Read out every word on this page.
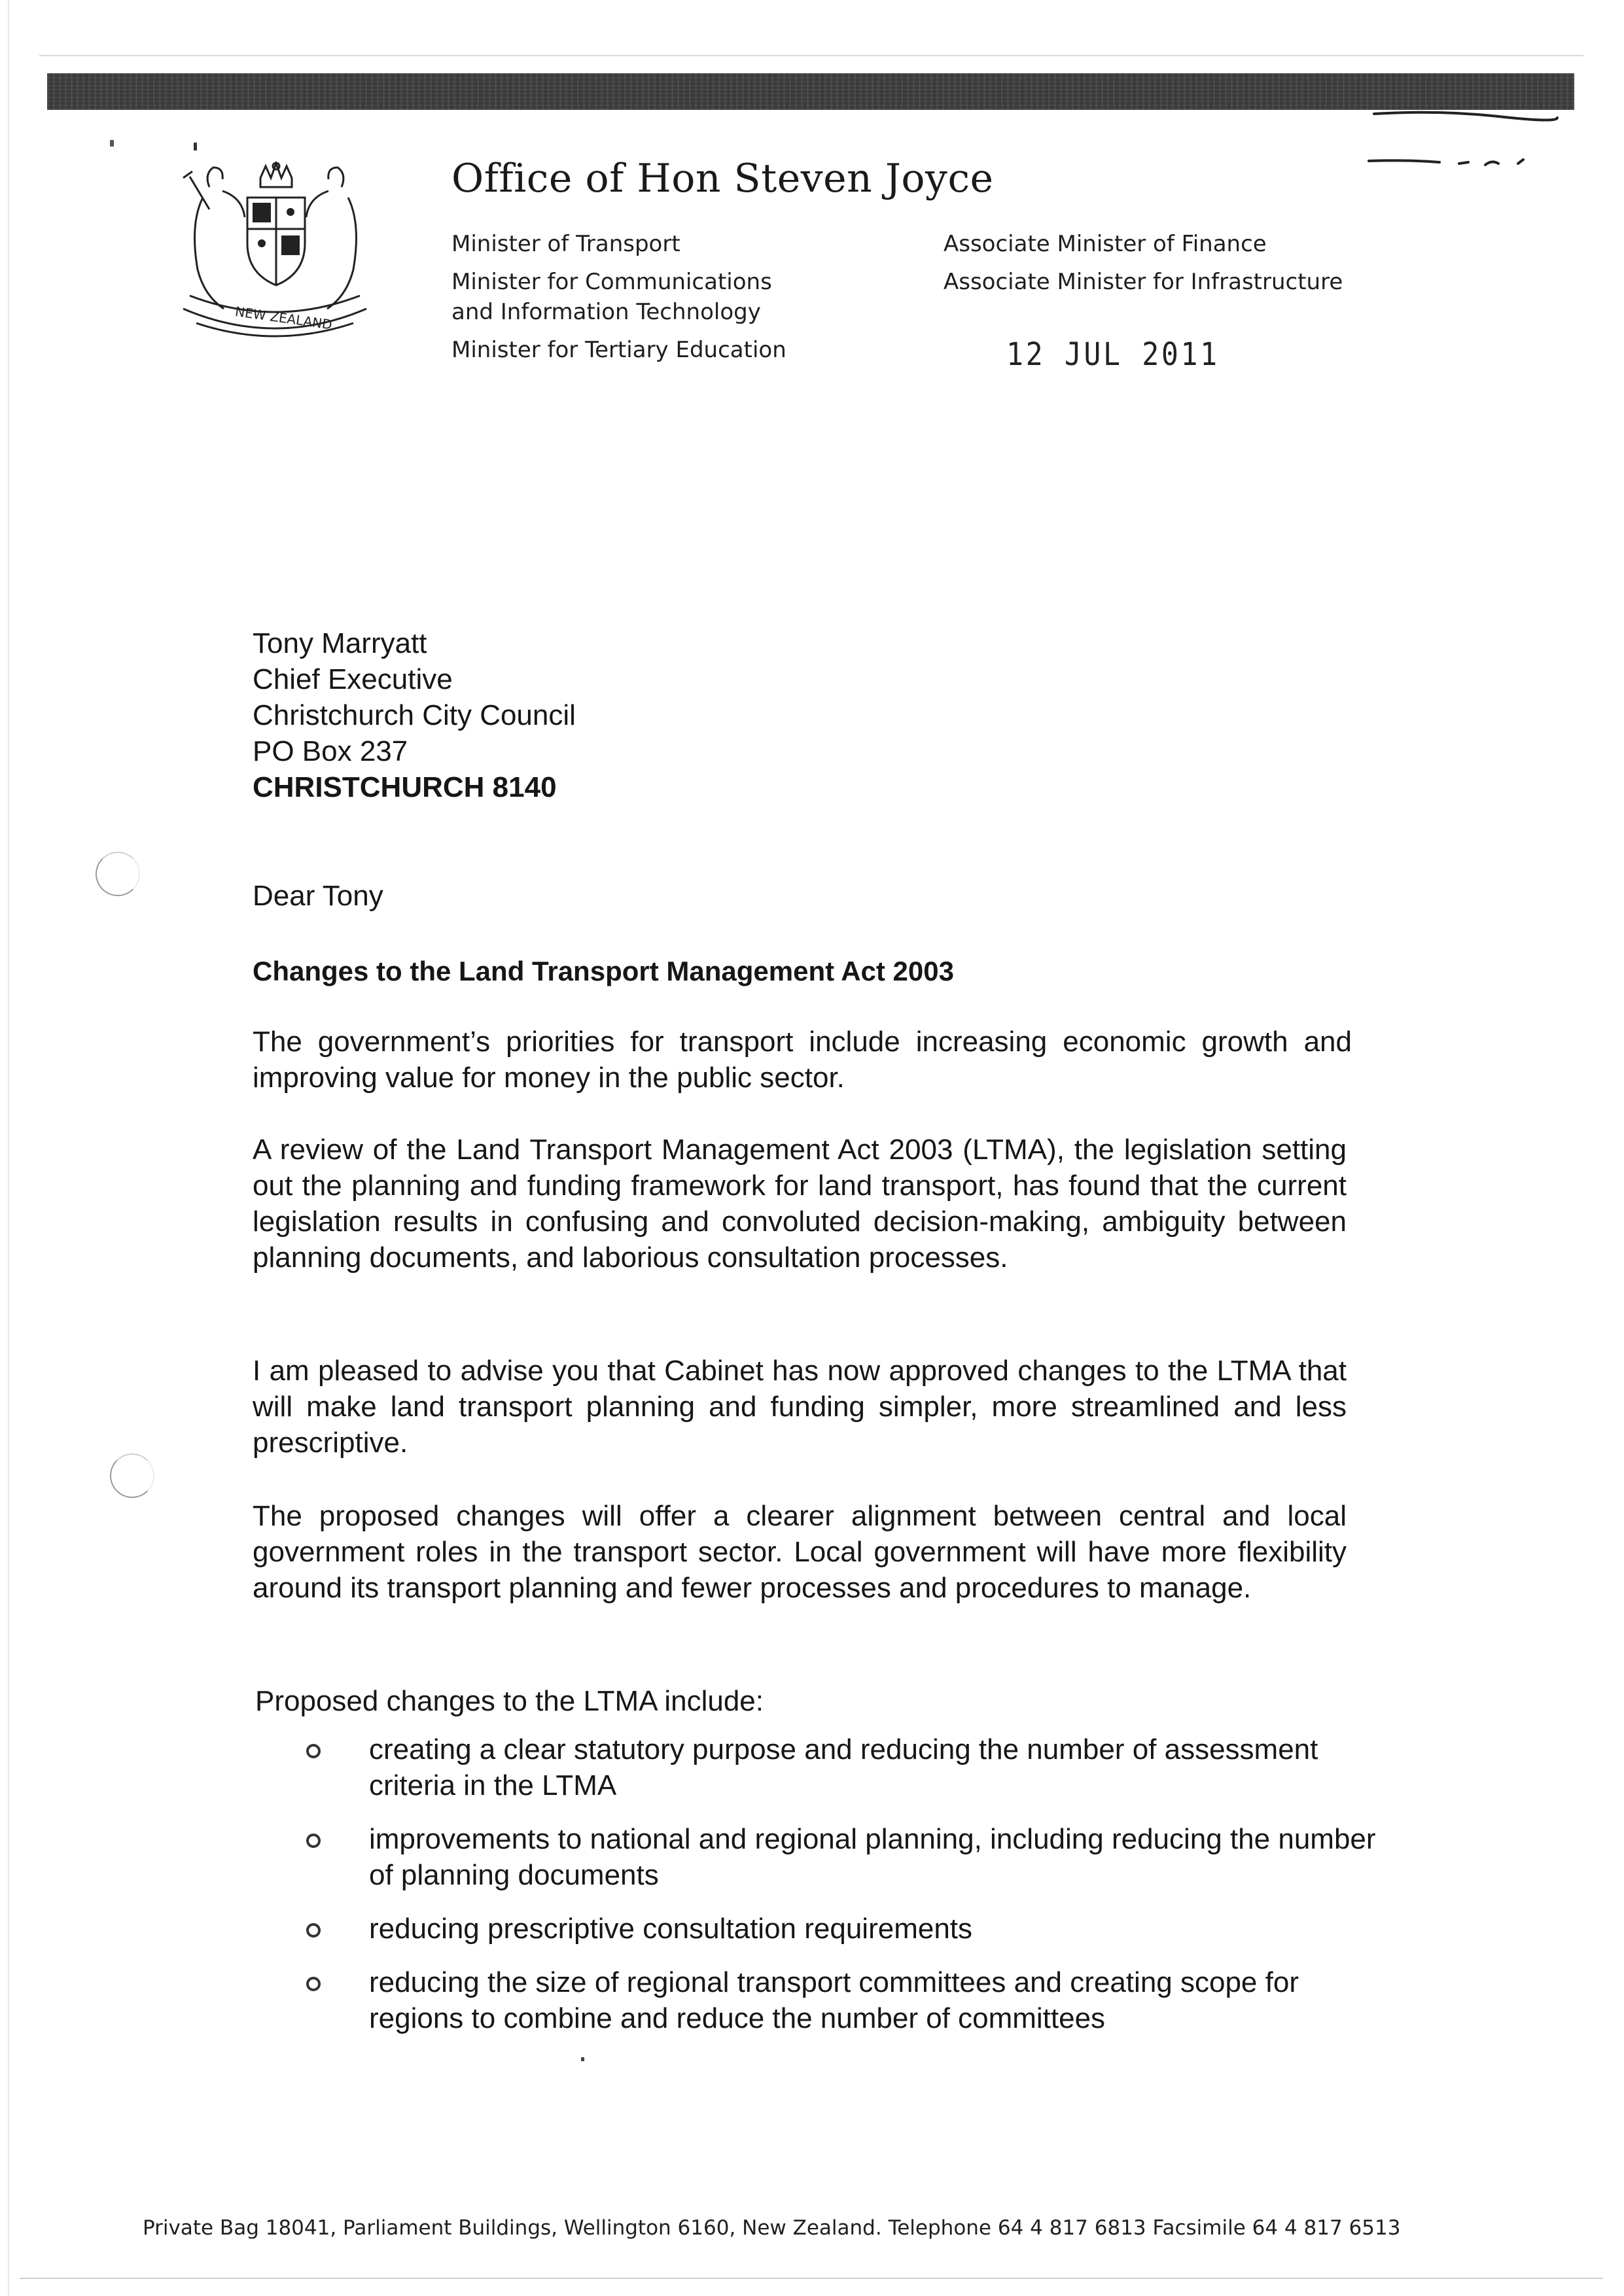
NEW ZEALAND
Office of Hon Steven Joyce
Minister of Transport
Minister for Communications
and Information Technology
Minister for Tertiary Education
Associate Minister of Finance
Associate Minister for Infrastructure
12 JUL 2011
Tony Marryatt
Chief Executive
Christchurch City Council
PO Box 237
CHRISTCHURCH 8140
Dear Tony
Changes to the Land Transport Management Act 2003
The government’s priorities for transport include increasing economic growth and improving value for money in the public sector.
A review of the Land Transport Management Act 2003 (LTMA), the legislation setting out the planning and funding framework for land transport, has found that the current legislation results in confusing and convoluted decision-making, ambiguity between planning documents, and laborious consultation processes.
I am pleased to advise you that Cabinet has now approved changes to the LTMA that will make land transport planning and funding simpler, more streamlined and less prescriptive.
The proposed changes will offer a clearer alignment between central and local government roles in the transport sector. Local government will have more flexibility around its transport planning and fewer processes and procedures to manage.
Proposed changes to the LTMA include:
creating a clear statutory purpose and reducing the number of assessment criteria in the LTMA
improvements to national and regional planning, including reducing the number of planning documents
reducing prescriptive consultation requirements
reducing the size of regional transport committees and creating scope for regions to combine and reduce the number of committees
Private Bag 18041, Parliament Buildings, Wellington 6160, New Zealand. Telephone 64 4 817 6813 Facsimile 64 4 817 6513
